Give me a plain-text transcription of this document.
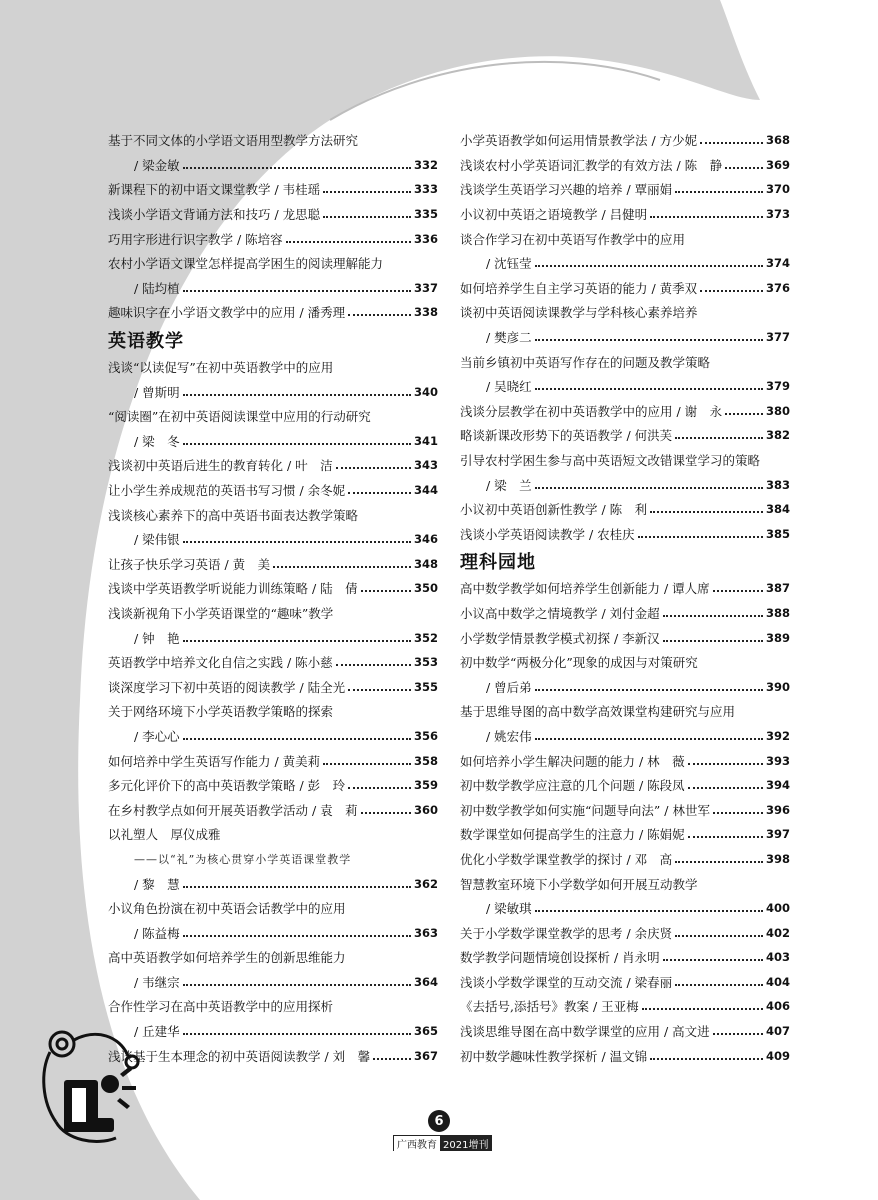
基于不同文体的小学语文语用型教学方法研究
/ 梁金敏	332
新课程下的初中语文课堂教学 / 韦桂瑶	333
浅谈小学语文背诵方法和技巧 / 龙思聪	335
巧用字形进行识字教学 / 陈培容	336
农村小学语文课堂怎样提高学困生的阅读理解能力
/ 陆均植	337
趣味识字在小学语文教学中的应用 / 潘秀理	338
英语教学
浅谈“以读促写”在初中英语教学中的应用
/ 曾斯明	340
“阅读圈”在初中英语阅读课堂中应用的行动研究
/ 梁　冬	341
浅谈初中英语后进生的教育转化 / 叶　洁	343
让小学生养成规范的英语书写习惯 / 余冬妮	344
浅谈核心素养下的高中英语书面表达教学策略
/ 梁伟银	346
让孩子快乐学习英语 / 黄　美	348
浅谈中学英语教学听说能力训练策略 / 陆　倩	350
浅谈新视角下小学英语课堂的“趣味”教学
/ 钟　艳	352
英语教学中培养文化自信之实践 / 陈小慈	353
谈深度学习下初中英语的阅读教学 / 陆全光	355
关于网络环境下小学英语教学策略的探索
/ 李心心	356
如何培养中学生英语写作能力 / 黄美莉	358
多元化评价下的高中英语教学策略 / 彭　玲	359
在乡村教学点如何开展英语教学活动 / 袁　莉	360
以礼塑人　厚仪成雅
——以“礼”为核心贯穿小学英语课堂教学
/ 黎　慧	362
小议角色扮演在初中英语会话教学中的应用
/ 陈益梅	363
高中英语教学如何培养学生的创新思维能力
/ 韦继宗	364
合作性学习在高中英语教学中的应用探析
/ 丘建华	365
浅谈基于生本理念的初中英语阅读教学 / 刘　馨	367
小学英语教学如何运用情景教学法 / 方少妮	368
浅谈农村小学英语词汇教学的有效方法 / 陈　静	369
浅谈学生英语学习兴趣的培养 / 覃丽娟	370
小议初中英语之语境教学 / 吕健明	373
谈合作学习在初中英语写作教学中的应用
/ 沈钰莹	374
如何培养学生自主学习英语的能力 / 黄季双	376
谈初中英语阅读课教学与学科核心素养培养
/ 樊彦二	377
当前乡镇初中英语写作存在的问题及教学策略
/ 吴晓红	379
浅谈分层教学在初中英语教学中的应用 / 谢　永	380
略谈新课改形势下的英语教学 / 何洪芙	382
引导农村学困生参与高中英语短文改错课堂学习的策略
/ 梁　兰	383
小议初中英语创新性教学 / 陈　利	384
浅谈小学英语阅读教学 / 农桂庆	385
理科园地
高中数学教学如何培养学生创新能力 / 谭人席	387
小议高中数学之情境教学 / 刘付金超	388
小学数学情景教学模式初探 / 李新汉	389
初中数学“两极分化”现象的成因与对策研究
/ 曾后弟	390
基于思维导图的高中数学高效课堂构建研究与应用
/ 姚宏伟	392
如何培养小学生解决问题的能力 / 林　薇	393
初中数学教学应注意的几个问题 / 陈段凤	394
初中数学教学如何实施“问题导向法” / 林世军	396
数学课堂如何提高学生的注意力 / 陈娟妮	397
优化小学数学课堂教学的探讨 / 邓　高	398
智慧教室环境下小学数学如何开展互动教学
/ 梁敏琪	400
关于小学数学课堂教学的思考 / 余庆贤	402
数学教学问题情境创设探析 / 肖永明	403
浅谈小学数学课堂的互动交流 / 梁春丽	404
《去括号,添括号》教案 / 王亚梅	406
浅谈思维导图在高中数学课堂的应用 / 高文进	407
初中数学趣味性教学探析 / 温文锦	409
6
广西教育 2021增刊
